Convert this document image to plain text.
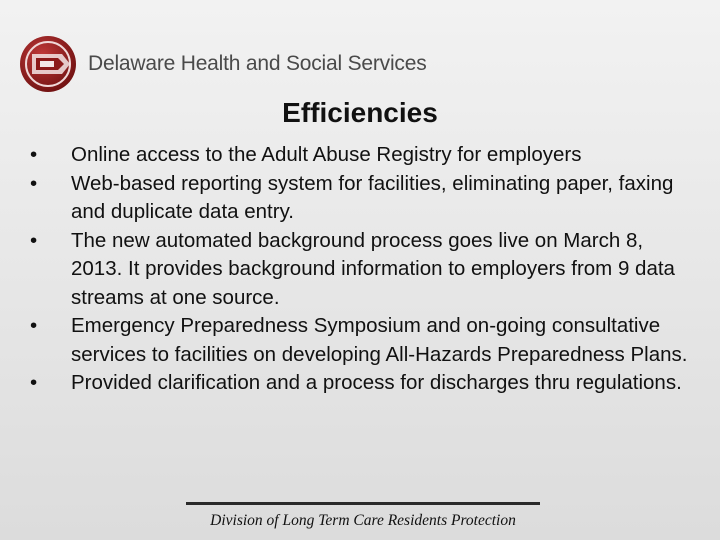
Delaware Health and Social Services
Efficiencies
•	Online access to the Adult Abuse Registry for employers
•	Web-based reporting system for facilities, eliminating paper, faxing and duplicate data entry.
•	The new automated background process goes live on March 8, 2013. It provides background information to employers from 9 data streams at one source.
•	Emergency Preparedness Symposium and on-going consultative services to facilities on developing All-Hazards Preparedness Plans.
•	Provided clarification and a process for discharges thru regulations.
Division of Long Term Care Residents Protection
